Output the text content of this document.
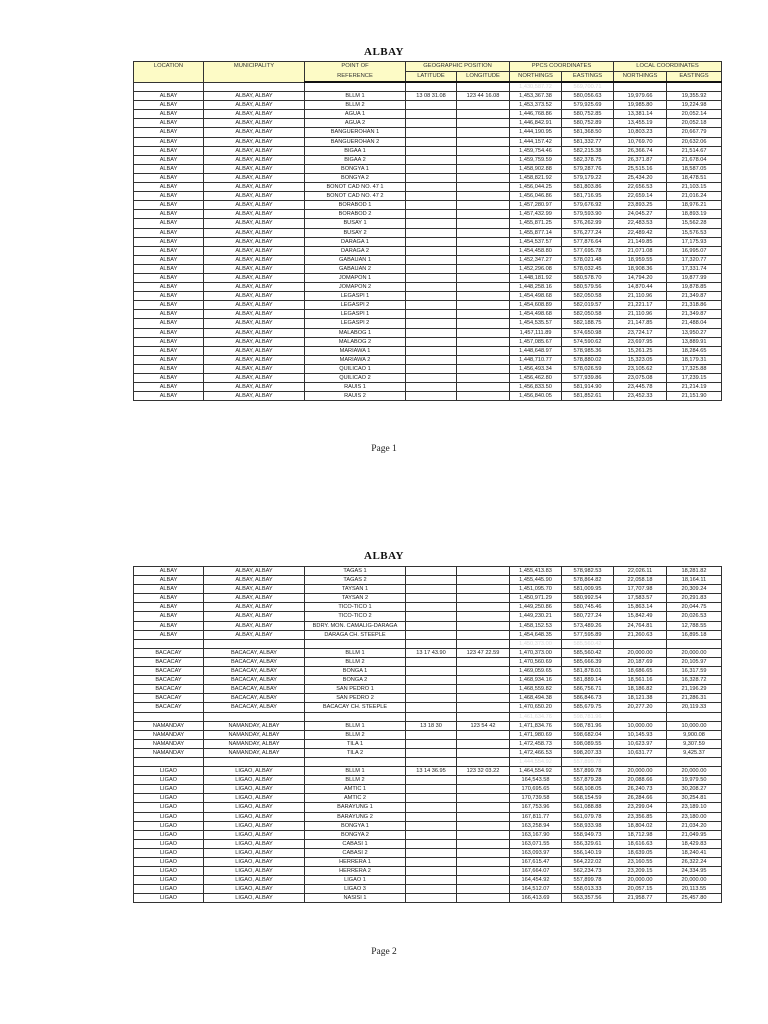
ALBAY
LOCATION	MUNICIPALITY	POINT OF	GEOGRAPHIC POSITION		PPCS COORDINATES		LOCAL COORDINATES	
		REFERENCE	LATITUDE	LONGITUDE	NORTHINGS	EASTINGS	NORTHINGS	EASTINGS
					1,430,587.72	569,700.71		
ALBAY	ALBAY, ALBAY	BLLM 1	13 08 31.08	123 44 16.08	1,453,367.38	580,056.63	19,979.66	19,355.92
ALBAY	ALBAY, ALBAY	BLLM 2			1,453,373.52	579,925.69	19,985.80	19,224.98
ALBAY	ALBAY, ALBAY	AGUA 1			1,446,768.86	580,752.85	13,381.14	20,052.14
ALBAY	ALBAY, ALBAY	AGUA 2			1,446,842.91	580,752.89	13,455.19	20,052.18
ALBAY	ALBAY, ALBAY	BANGUEROHAN 1			1,444,190.95	581,368.50	10,803.23	20,667.79
ALBAY	ALBAY, ALBAY	BANGUEROHAN 2			1,444,157.42	581,332.77	10,769.70	20,632.06
ALBAY	ALBAY, ALBAY	BIGAA 1			1,459,754.46	582,215.38	26,366.74	21,514.67
ALBAY	ALBAY, ALBAY	BIGAA 2			1,459,759.59	582,378.75	26,371.87	21,678.04
ALBAY	ALBAY, ALBAY	BONGYA 1			1,458,902.88	579,287.76	25,515.16	18,587.05
ALBAY	ALBAY, ALBAY	BONGYA 2			1,458,821.92	579,179.22	25,434.20	18,478.51
ALBAY	ALBAY, ALBAY	BONOT CAD NO. 47 1			1,456,044.25	581,803.86	22,656.53	21,103.15
ALBAY	ALBAY, ALBAY	BONOT CAD NO. 47 2			1,456,046.86	581,716.95	22,659.14	21,016.24
ALBAY	ALBAY, ALBAY	BORABOD 1			1,457,280.97	579,676.92	23,893.25	18,976.21
ALBAY	ALBAY, ALBAY	BORABOD 2			1,457,432.99	579,593.90	24,045.27	18,893.19
ALBAY	ALBAY, ALBAY	BUSAY 1			1,455,871.25	576,262.99	22,483.53	15,562.28
ALBAY	ALBAY, ALBAY	BUSAY 2			1,455,877.14	576,277.24	22,489.42	15,576.53
ALBAY	ALBAY, ALBAY	DARAGA 1			1,454,537.57	577,876.64	21,149.85	17,175.93
ALBAY	ALBAY, ALBAY	DARAGA 2			1,454,458.80	577,695.78	21,071.08	16,995.07
ALBAY	ALBAY, ALBAY	GABAUAN 1			1,452,347.27	578,021.48	18,959.55	17,320.77
ALBAY	ALBAY, ALBAY	GABAUAN 2			1,452,296.08	578,032.45	18,908.36	17,331.74
ALBAY	ALBAY, ALBAY	JOMAPON 1			1,448,181.92	580,578.70	14,794.20	19,877.99
ALBAY	ALBAY, ALBAY	JOMAPON 2			1,448,258.16	580,579.56	14,870.44	19,878.85
ALBAY	ALBAY, ALBAY	LEGASPI 1			1,454,498.68	582,050.58	21,110.96	21,349.87
ALBAY	ALBAY, ALBAY	LEGASPI 2			1,454,608.89	582,019.57	21,221.17	21,318.86
ALBAY	ALBAY, ALBAY	LEGASPI 1			1,454,498.68	582,050.58	21,110.96	21,349.87
ALBAY	ALBAY, ALBAY	LEGASPI 2			1,454,535.57	582,188.75	21,147.85	21,488.04
ALBAY	ALBAY, ALBAY	MALABOG 1			1,457,111.89	574,650.98	23,724.17	13,950.27
ALBAY	ALBAY, ALBAY	MALABOG 2			1,457,085.67	574,590.62	23,697.95	13,889.91
ALBAY	ALBAY, ALBAY	MARIAWA 1			1,448,648.97	578,985.36	15,261.25	18,284.65
ALBAY	ALBAY, ALBAY	MARIAWA 2			1,448,710.77	578,880.02	15,323.05	18,179.31
ALBAY	ALBAY, ALBAY	QUILICAO 1			1,456,493.34	578,026.59	23,105.62	17,325.88
ALBAY	ALBAY, ALBAY	QUILICAO 2			1,456,462.80	577,939.86	23,075.08	17,239.15
ALBAY	ALBAY, ALBAY	RAUIS 1			1,456,833.50	581,914.90	23,445.78	21,214.19
ALBAY	ALBAY, ALBAY	RAUIS 2			1,456,840.05	581,852.61	23,452.33	21,151.90
Page 1
ALBAY
ALBAY	ALBAY, ALBAY	TAGAS 1			1,455,413.83	578,982.53	22,026.11	18,281.82
ALBAY	ALBAY, ALBAY	TAGAS 2			1,455,445.90	578,864.82	22,058.18	18,164.11
ALBAY	ALBAY, ALBAY	TAYSAN 1			1,451,095.70	581,009.95	17,707.98	20,309.24
ALBAY	ALBAY, ALBAY	TAYSAN 2			1,450,971.29	580,992.54	17,583.57	20,291.83
ALBAY	ALBAY, ALBAY	TICO-TICO 1			1,449,250.86	580,745.46	15,863.14	20,044.75
ALBAY	ALBAY, ALBAY	TICO-TICO 2			1,449,230.21	580,727.24	15,842.49	20,026.53
ALBAY	ALBAY, ALBAY	BDRY. MON. CAMALIG-DARAGA			1,458,152.53	573,489.26	24,764.81	12,788.55
ALBAY	ALBAY, ALBAY	DARAGA CH. STEEPLE			1,454,648.35	577,595.89	21,260.63	16,895.18
					1,450,373.00	585,560.42		
BACACAY	BACACAY, ALBAY	BLLM 1	13 17 43.90	123 47 22.59	1,470,373.00	585,560.42	20,000.00	20,000.00
BACACAY	BACACAY, ALBAY	BLLM 2			1,470,560.69	585,666.39	20,187.69	20,105.97
BACACAY	BACACAY, ALBAY	BONGA 1			1,469,059.65	581,878.01	18,686.65	16,317.59
BACACAY	BACACAY, ALBAY	BONGA 2			1,468,934.16	581,889.14	18,561.16	16,328.72
BACACAY	BACACAY, ALBAY	SAN PEDRO 1			1,468,559.82	586,756.71	18,186.82	21,196.29
BACACAY	BACACAY, ALBAY	SAN PEDRO 2			1,468,494.38	586,846.73	18,121.38	21,286.31
BACACAY	BACACAY, ALBAY	BACACAY CH. STEEPLE			1,470,650.20	585,679.75	20,277.20	20,119.33
					1,461,634.76	598,781.96		
NAMANDAY	NAMANDAY, ALBAY	BLLM 1	13 18 30	123 54 42	1,471,834.76	598,781.96	10,000.00	10,000.00
NAMANDAY	NAMANDAY, ALBAY	BLLM 2			1,471,980.69	598,682.04	10,145.93	9,900.08
NAMANDAY	NAMANDAY, ALBAY	TILA 1			1,472,458.73	598,089.55	10,623.97	9,307.59
NAMANDAY	NAMANDAY, ALBAY	TILA 2			1,472,466.53	598,207.33	10,631.77	9,425.37
					1,444,554.92	557,899.78		
LIGAO	LIGAO, ALBAY	BLLM 1	13 14 36.95	123 32 03.22	1,464,554.92	557,899.78	20,000.00	20,000.00
LIGAO	LIGAO, ALBAY	BLLM 2			164,543.58	557,879.28	20,088.66	19,979.50
LIGAO	LIGAO, ALBAY	AMTIC 1			170,695.65	568,108.05	26,240.73	30,208.27
LIGAO	LIGAO, ALBAY	AMTIC 2			170,739.58	568,154.59	26,284.66	30,254.81
LIGAO	LIGAO, ALBAY	BARAYUNG 1			167,753.96	561,088.88	23,299.04	23,189.10
LIGAO	LIGAO, ALBAY	BARAYUNG 2			167,811.77	561,079.78	23,356.85	23,180.00
LIGAO	LIGAO, ALBAY	BONGYA 1			163,258.94	558,933.98	18,804.02	21,034.20
LIGAO	LIGAO, ALBAY	BONGYA 2			163,167.90	558,949.73	18,712.98	21,049.95
LIGAO	LIGAO, ALBAY	CABASI 1			163,071.55	556,329.61	18,616.63	18,429.83
LIGAO	LIGAO, ALBAY	CABASI 2			163,093.97	556,140.19	18,639.05	18,240.41
LIGAO	LIGAO, ALBAY	HERRERA 1			167,615.47	564,222.02	23,160.55	26,322.24
LIGAO	LIGAO, ALBAY	HERRERA 2			167,664.07	562,234.73	23,209.15	24,334.95
LIGAO	LIGAO, ALBAY	LIGAO 1			164,454.92	557,899.78	20,000.00	20,000.00
LIGAO	LIGAO, ALBAY	LIGAO 3			164,512.07	558,013.33	20,057.15	20,113.55
LIGAO	LIGAO, ALBAY	NASISI 1			166,413.69	563,357.56	21,958.77	25,457.80
Page 2
